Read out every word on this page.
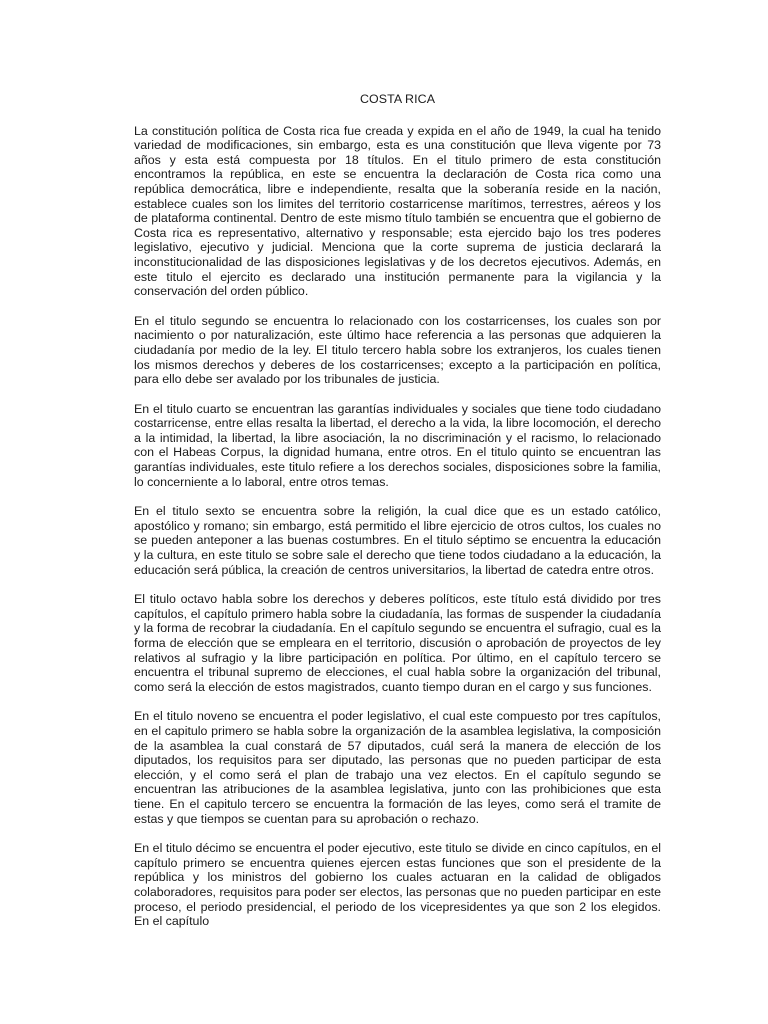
COSTA RICA

La constitución política de Costa rica fue creada y expida en el año de 1949, la cual ha tenido variedad de modificaciones, sin embargo, esta es una constitución que lleva vigente por 73 años y esta está compuesta por 18 títulos. En el titulo primero de esta constitución encontramos la república, en este se encuentra la declaración de Costa rica como una república democrática, libre e independiente, resalta que la soberanía reside en la nación, establece cuales son los limites del territorio costarricense marítimos, terrestres, aéreos y los de plataforma continental. Dentro de este mismo título también se encuentra que el gobierno de Costa rica es representativo, alternativo y responsable; esta ejercido bajo los tres poderes legislativo, ejecutivo y judicial. Menciona que la corte suprema de justicia declarará la inconstitucionalidad de las disposiciones legislativas y de los decretos ejecutivos. Además, en este titulo el ejercito es declarado una institución permanente para la vigilancia y la conservación del orden público.

En el titulo segundo se encuentra lo relacionado con los costarricenses, los cuales son por nacimiento o por naturalización, este último hace referencia a las personas que adquieren la ciudadanía por medio de la ley. El titulo tercero habla sobre los extranjeros, los cuales tienen los mismos derechos y deberes de los costarricenses; excepto a la participación en política, para ello debe ser avalado por los tribunales de justicia.

En el titulo cuarto se encuentran las garantías individuales y sociales que tiene todo ciudadano costarricense, entre ellas resalta la libertad, el derecho a la vida, la libre locomoción, el derecho a la intimidad, la libertad, la libre asociación, la no discriminación y el racismo, lo relacionado con el Habeas Corpus, la dignidad humana, entre otros. En el titulo quinto se encuentran las garantías individuales, este titulo refiere a los derechos sociales, disposiciones sobre la familia, lo concerniente a lo laboral, entre otros temas.

En el titulo sexto se encuentra sobre la religión, la cual dice que es un estado católico, apostólico y romano; sin embargo, está permitido el libre ejercicio de otros cultos, los cuales no se pueden anteponer a las buenas costumbres. En el titulo séptimo se encuentra la educación y la cultura, en este titulo se sobre sale el derecho que tiene todos ciudadano a la educación, la educación será pública, la creación de centros universitarios, la libertad de catedra entre otros.

El titulo octavo habla sobre los derechos y deberes políticos, este título está dividido por tres capítulos, el capítulo primero habla sobre la ciudadanía, las formas de suspender la ciudadanía y la forma de recobrar la ciudadanía. En el capítulo segundo se encuentra el sufragio, cual es la forma de elección que se empleara en el territorio, discusión o aprobación de proyectos de ley relativos al sufragio y la libre participación en política. Por último, en el capítulo tercero se encuentra el tribunal supremo de elecciones, el cual habla sobre la organización del tribunal, como será la elección de estos magistrados, cuanto tiempo duran en el cargo y sus funciones.

En el titulo noveno se encuentra el poder legislativo, el cual este compuesto por tres capítulos, en el capitulo primero se habla sobre la organización de la asamblea legislativa, la composición de la asamblea la cual constará de 57 diputados, cuál será la manera de elección de los diputados, los requisitos para ser diputado, las personas que no pueden participar de esta elección, y el como será el plan de trabajo una vez electos. En el capítulo segundo se encuentran las atribuciones de la asamblea legislativa, junto con las prohibiciones que esta tiene. En el capitulo tercero se encuentra la formación de las leyes, como será el tramite de estas y que tiempos se cuentan para su aprobación o rechazo.

En el titulo décimo se encuentra el poder ejecutivo, este titulo se divide en cinco capítulos, en el capítulo primero se encuentra quienes ejercen estas funciones que son el presidente de la república y los ministros del gobierno los cuales actuaran en la calidad de obligados colaboradores, requisitos para poder ser electos, las personas que no pueden participar en este proceso, el periodo presidencial, el periodo de los vicepresidentes ya que son 2 los elegidos. En el capítulo
